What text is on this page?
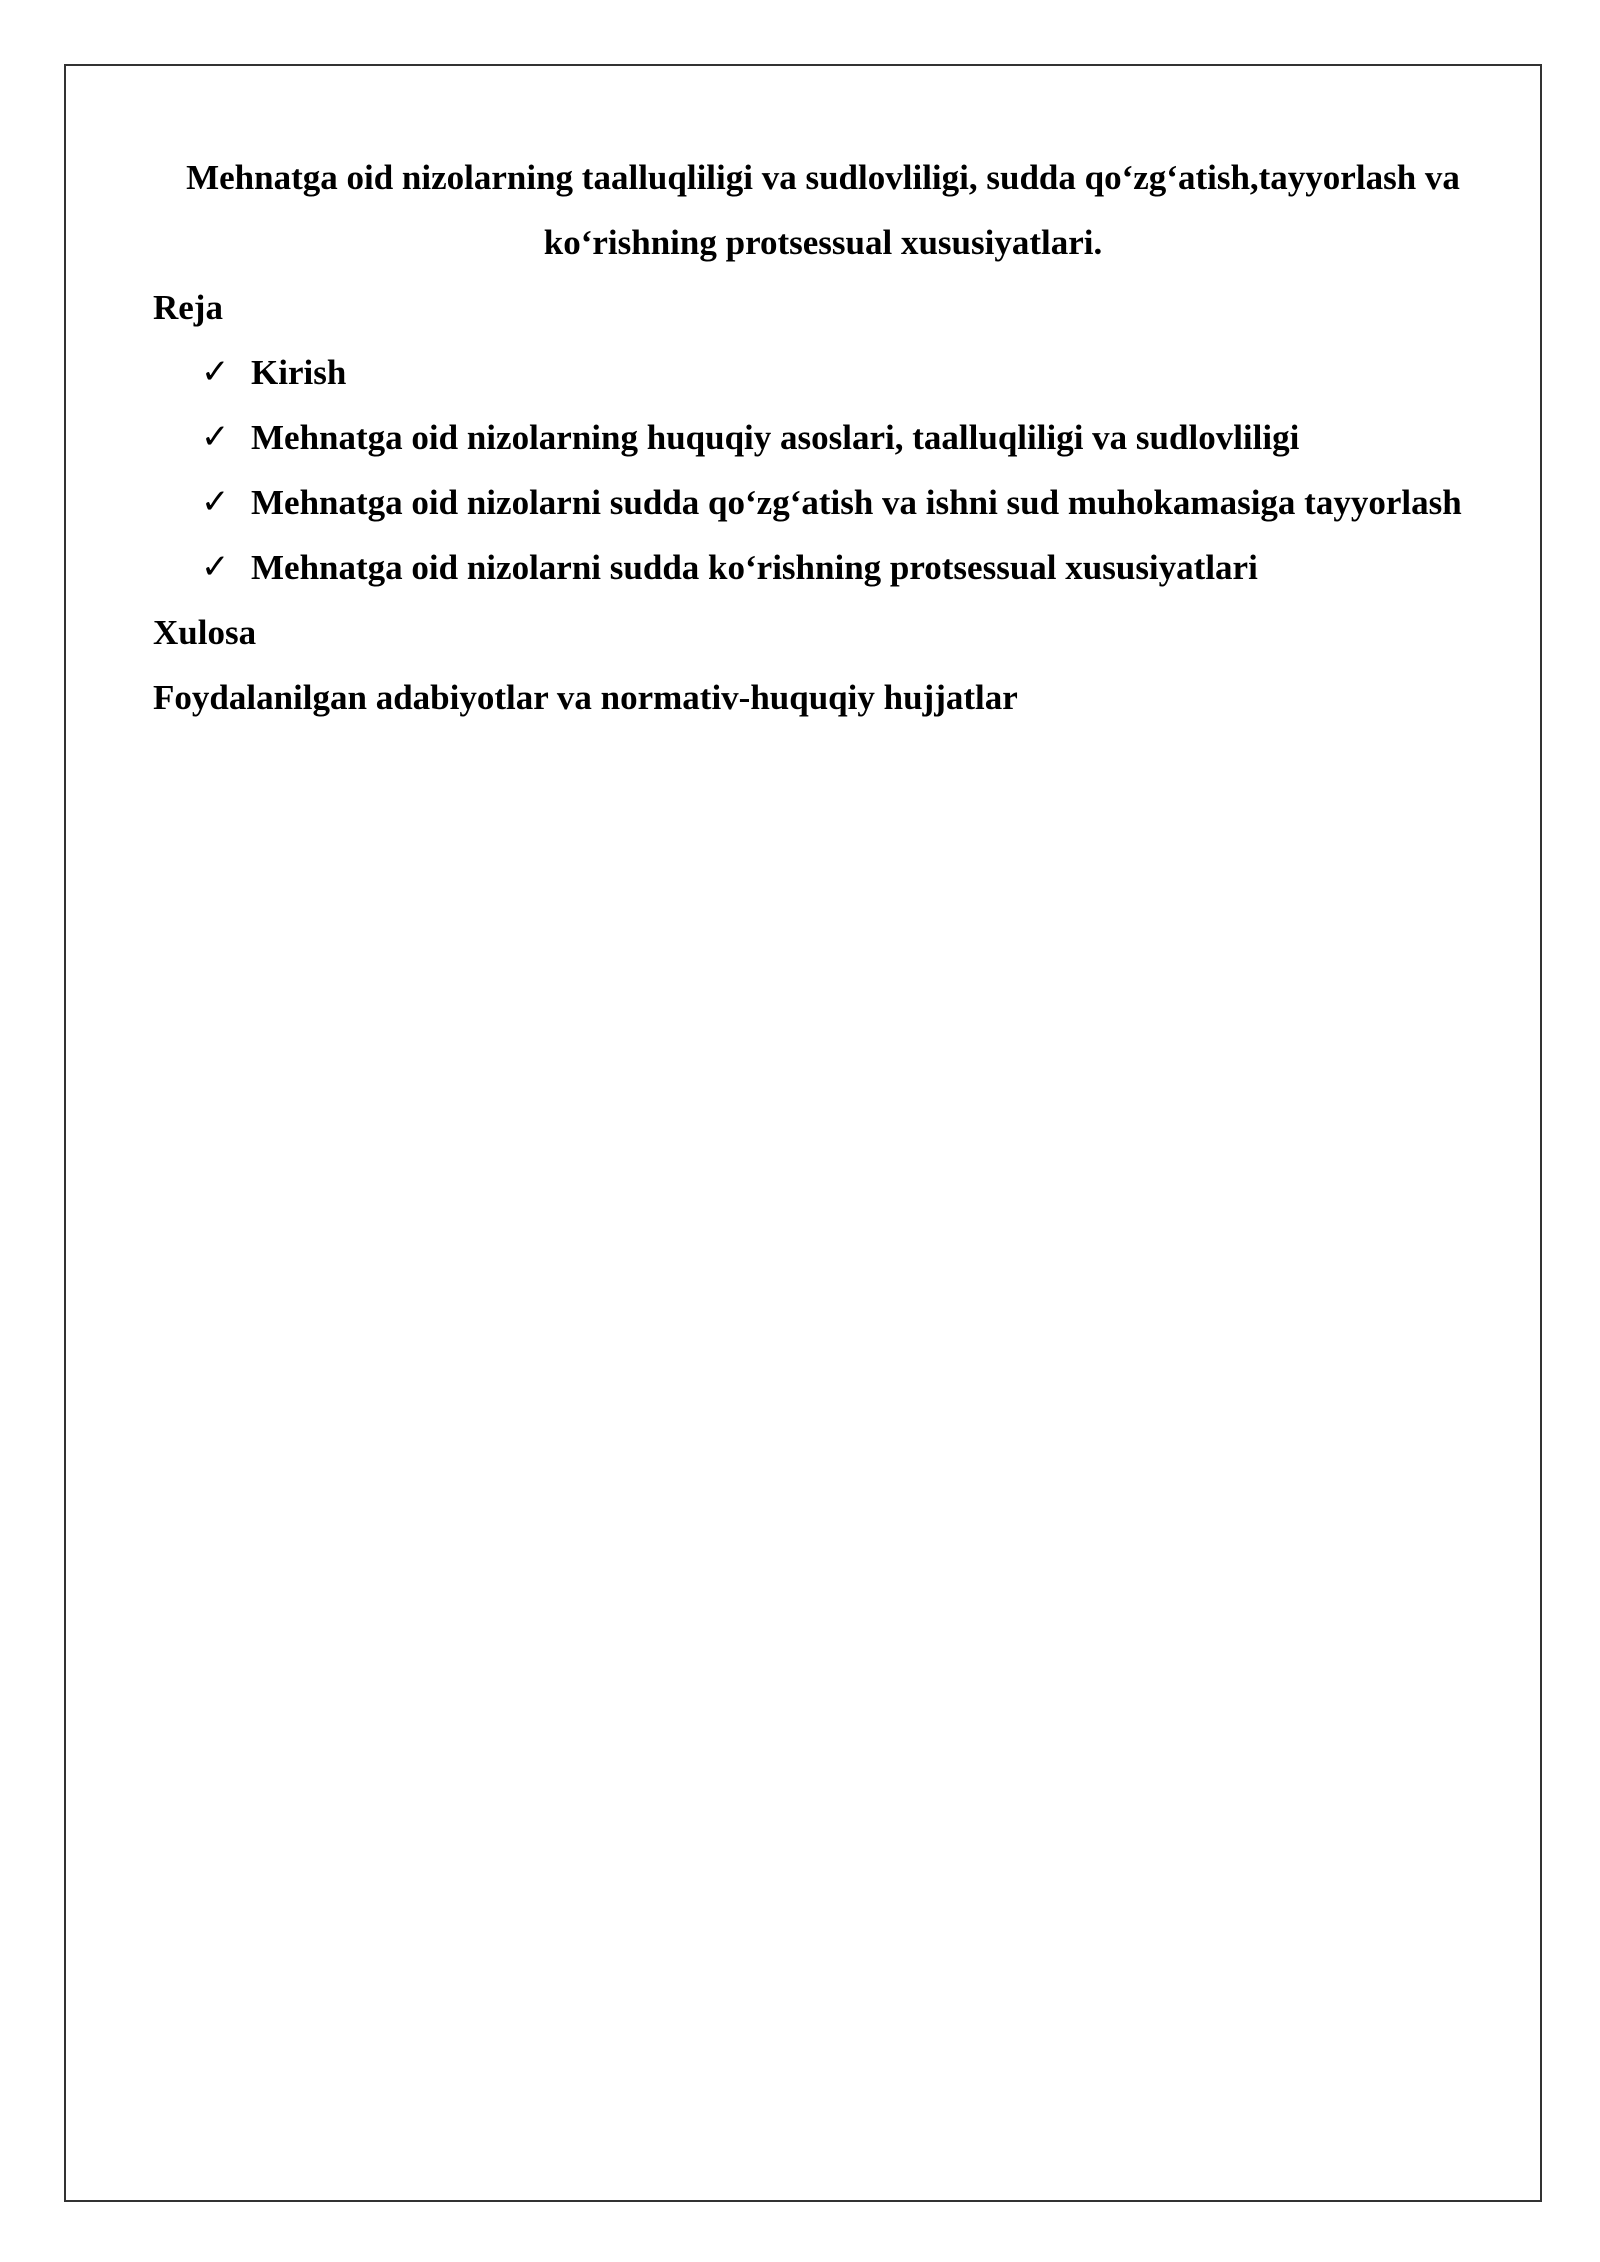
Mehnatga oid nizolarning taalluqliligi va sudlovliligi, sudda qo‘zg‘atish,tayyorlash va ko‘rishning protsessual xususiyatlari.

Reja

✓ Kirish
✓ Mehnatga oid nizolarning huquqiy asoslari, taalluqliligi va sudlovliligi
✓ Mehnatga oid nizolarni sudda qo‘zg‘atish va ishni sud muhokamasiga tayyorlash
✓ Mehnatga oid nizolarni sudda ko‘rishning protsessual xususiyatlari

Xulosa

Foydalanilgan adabiyotlar va normativ-huquqiy hujjatlar
